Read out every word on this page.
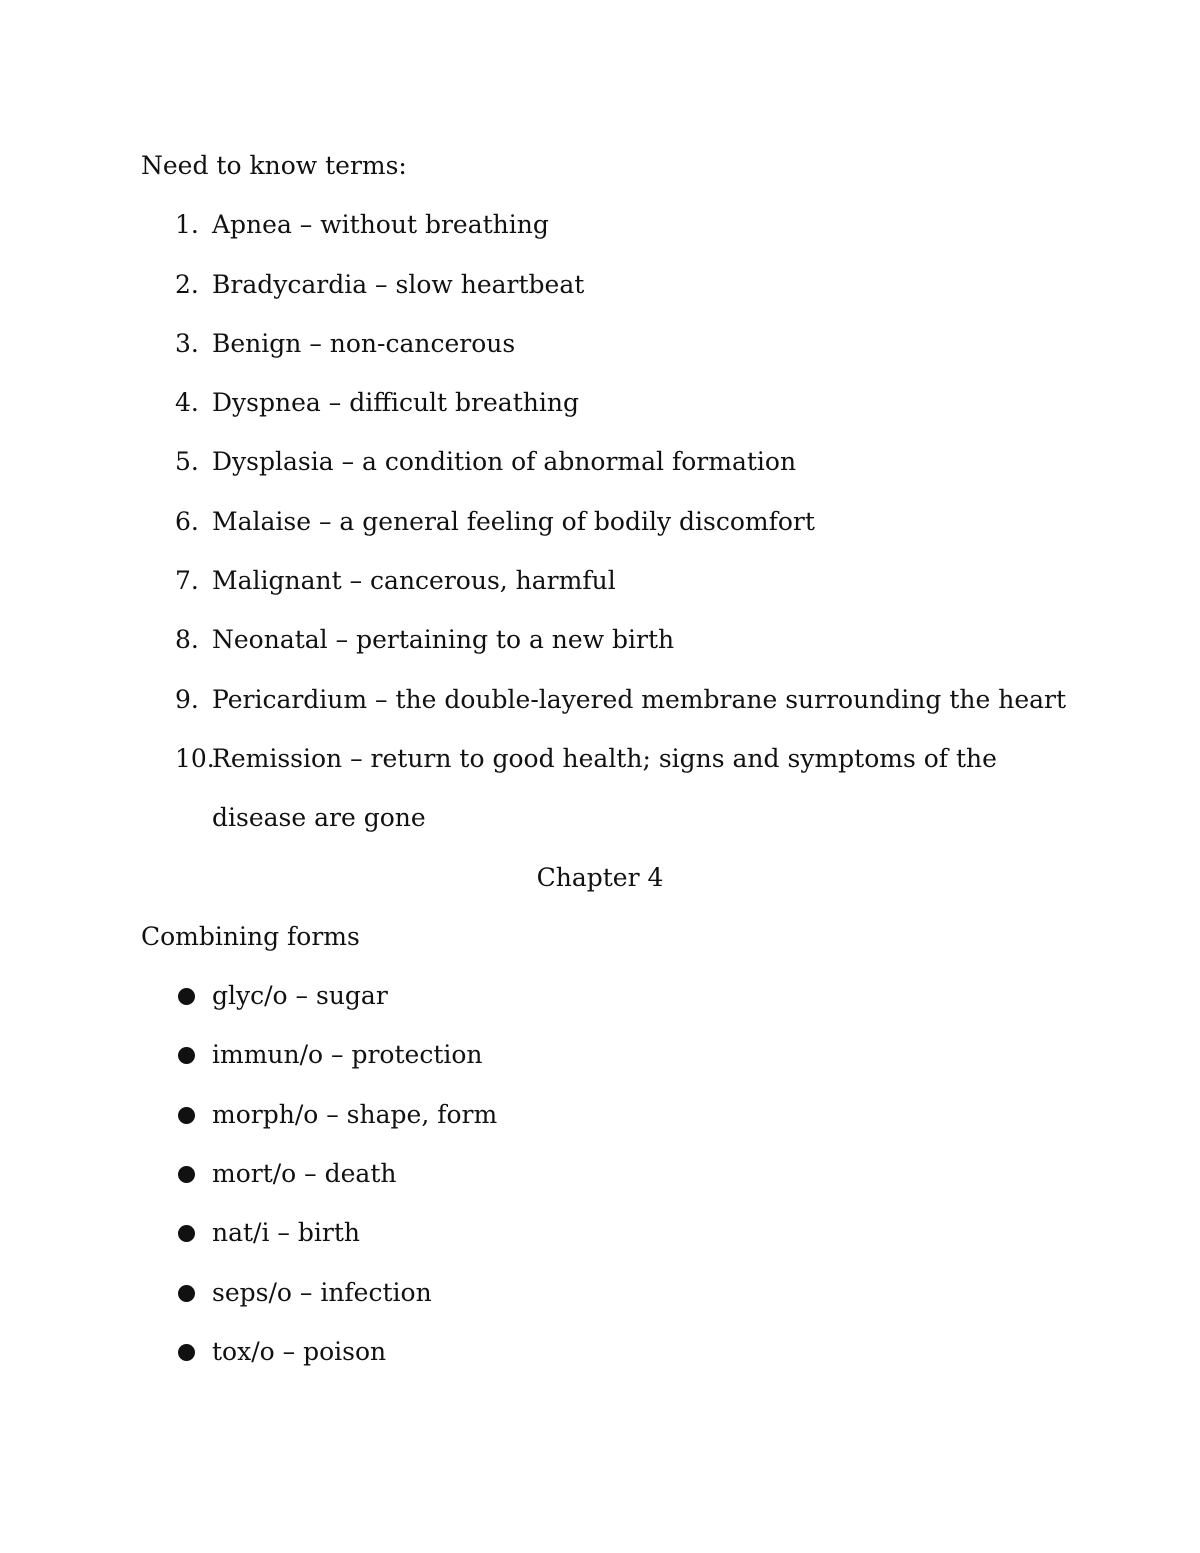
Need to know terms:
1. Apnea – without breathing
2. Bradycardia – slow heartbeat
3. Benign – non-cancerous
4. Dyspnea – difficult breathing
5. Dysplasia – a condition of abnormal formation
6. Malaise – a general feeling of bodily discomfort
7. Malignant – cancerous, harmful
8. Neonatal – pertaining to a new birth
9. Pericardium – the double-layered membrane surrounding the heart
10.
Remission – return to good health; signs and symptoms of the disease are gone
Chapter 4
Combining forms
glyc/o – sugar
immun/o – protection
morph/o – shape, form
mort/o – death
nat/i – birth
seps/o – infection
tox/o – poison
